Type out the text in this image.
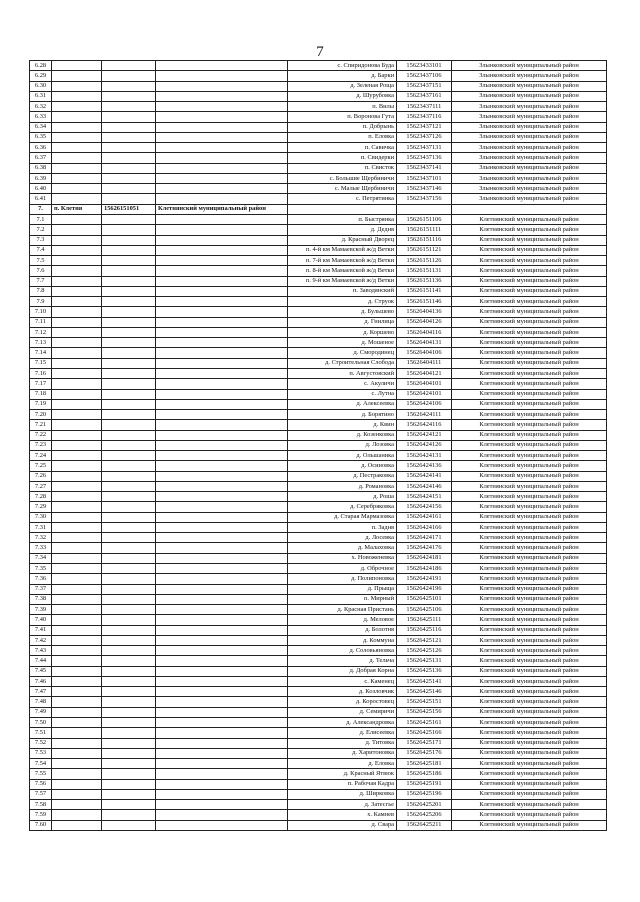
7
6.28				с. Спиридонова Буда	15623433101	Злынковский муниципальный район
6.29				д. Барки	15623437106	Злынковский муниципальный район
6.30				д. Зеленая Роща	15623437151	Злынковский муниципальный район
6.31				д. Шурубовка	15623437161	Злынковский муниципальный район
6.32				п. Вилы	15623437111	Злынковский муниципальный район
6.33				п. Воронова Гута	15623437116	Злынковский муниципальный район
6.34				п. Добрынь	15623437121	Злынковский муниципальный район
6.35				п. Еловка	15623437126	Злынковский муниципальный район
6.36				п. Савичка	15623437131	Злынковский муниципальный район
6.37				п. Свидерки	15623437136	Злынковский муниципальный район
6.38				п. Свисток	15623437141	Злынковский муниципальный район
6.39				с. Большие Щербиничи	15623437101	Злынковский муниципальный район
6.40				с. Малые Щербиничи	15623437146	Злынковский муниципальный район
6.41				с. Петрятинка	15623437156	Злынковский муниципальный район
7.	п. Клетня	15626151051	Клетнянский муниципальный район			
7.1				п. Быстрянка	15626151106	Клетнянский муниципальный район
7.2				д. Дедня	15626151111	Клетнянский муниципальный район
7.3				д. Красный Дворец	15626151116	Клетнянский муниципальный район
7.4				п. 4-й км Мамаевской ж/д Ветки	15626151121	Клетнянский муниципальный район
7.5				п. 7-й км Мамаевской ж/д Ветки	15626151126	Клетнянский муниципальный район
7.6				п. 8-й км Мамаевской ж/д Ветки	15626151131	Клетнянский муниципальный район
7.7				п. 9-й км Мамаевской ж/д Ветки	15626151136	Клетнянский муниципальный район
7.8				п. Заводянский	15626151141	Клетнянский муниципальный район
7.9				д. Струок	15626151146	Клетнянский муниципальный район
7.10				д. Бульшево	15626404136	Клетнянский муниципальный район
7.11				д. Гнилица	15626404126	Клетнянский муниципальный район
7.12				д. Коршево	15626404116	Клетнянский муниципальный район
7.13				д. Мошеное	15626404131	Клетнянский муниципальный район
7.14				д. Смородинец	15626404106	Клетнянский муниципальный район
7.15				д. Строительная Слобода	15626404111	Клетнянский муниципальный район
7.16				п. Августовский	15626404121	Клетнянский муниципальный район
7.17				с. Акуличи	15626404101	Клетнянский муниципальный район
7.18				с. Лутна	15626424101	Клетнянский муниципальный район
7.19				д. Алексеевка	15626424106	Клетнянский муниципальный район
7.20				д. Борятино	15626424111	Клетнянский муниципальный район
7.21				д. Квин	15626424116	Клетнянский муниципальный район
7.22				д. Козенковка	15626424121	Клетнянский муниципальный район
7.23				д. Лозовка	15626424126	Клетнянский муниципальный район
7.24				д. Ольшаника	15626424131	Клетнянский муниципальный район
7.25				д. Осиновка	15626424136	Клетнянский муниципальный район
7.26				д. Пестраковка	15626424141	Клетнянский муниципальный район
7.27				д. Романовка	15626424146	Клетнянский муниципальный район
7.28				д. Роша	15626424151	Клетнянский муниципальный район
7.29				д. Серебряковка	15626424156	Клетнянский муниципальный район
7.30				д. Старая Мармазовка	15626424161	Клетнянский муниципальный район
7.31				п. Задня	15626424166	Клетнянский муниципальный район
7.32				д. Лосевка	15626424171	Клетнянский муниципальный район
7.33				д. Малаховка	15626424176	Клетнянский муниципальный район
7.34				х. Новоженевка	15626424181	Клетнянский муниципальный район
7.35				д. Оброчное	15626424186	Клетнянский муниципальный район
7.36				д. Полипоновка	15626424191	Клетнянский муниципальный район
7.37				д. Прыща	15626424196	Клетнянский муниципальный район
7.38				п. Мирный	15626425101	Клетнянский муниципальный район
7.39				д. Красная Пристань	15626425106	Клетнянский муниципальный район
7.40				д. Меловое	15626425111	Клетнянский муниципальный район
7.41				д. Болотня	15626425116	Клетнянский муниципальный район
7.42				д. Коммуна	15626425121	Клетнянский муниципальный район
7.43				д. Соловьяновка	15626425126	Клетнянский муниципальный район
7.44				д. Тельча	15626425131	Клетнянский муниципальный район
7.45				д. Добрая Корна	15626425136	Клетнянский муниципальный район
7.46				с. Каменец	15626425141	Клетнянский муниципальный район
7.47				д. Козловчик	15626425146	Клетнянский муниципальный район
7.48				д. Коростовец	15626425151	Клетнянский муниципальный район
7.49				д. Семиричи	15626425156	Клетнянский муниципальный район
7.50				д. Александровка	15626425161	Клетнянский муниципальный район
7.51				д. Елисеевка	15626425166	Клетнянский муниципальный район
7.52				д. Титовка	15626425171	Клетнянский муниципальный район
7.53				д. Харитоновка	15626425176	Клетнянский муниципальный район
7.54				д. Еловка	15626425181	Клетнянский муниципальный район
7.55				д. Красный Ятвюк	15626425186	Клетнянский муниципальный район
7.56				п. Рабочая Кадра	15626425191	Клетнянский муниципальный район
7.57				д. Ширковка	15626425196	Клетнянский муниципальный район
7.58				д. Затесгье	15626425201	Клетнянский муниципальный район
7.59				х. Камнев	15626425206	Клетнянский муниципальный район
7.60				д. Свара	15626425211	Клетнянский муниципальный район
